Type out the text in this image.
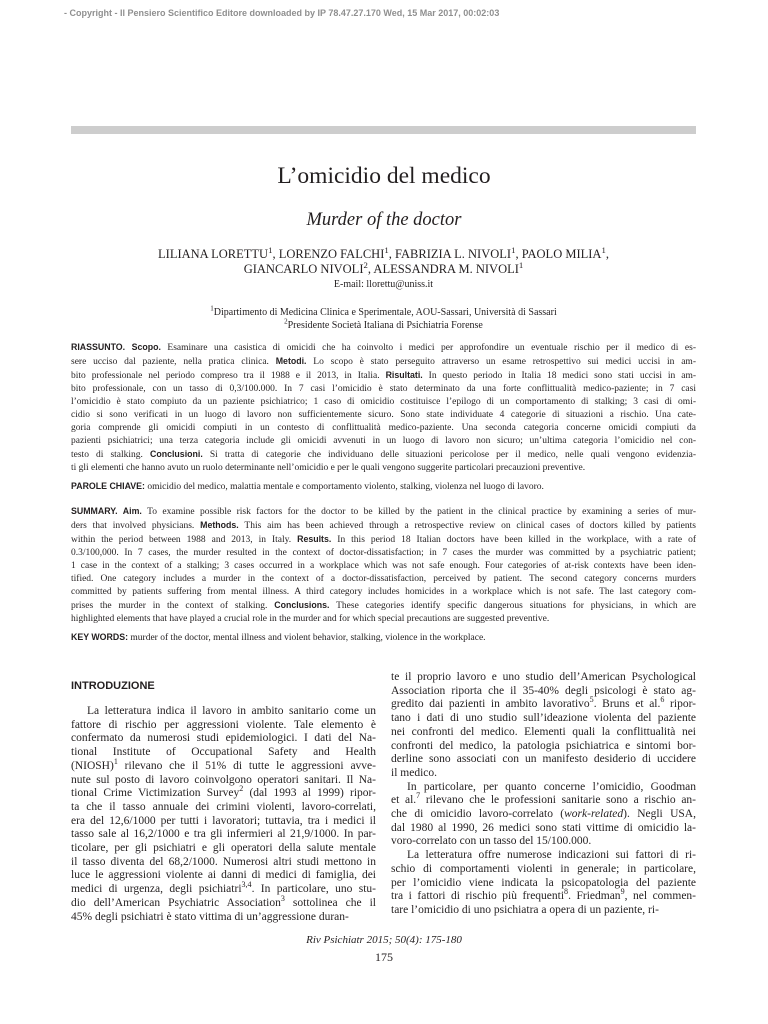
- Copyright - Il Pensiero Scientifico Editore downloaded by IP 78.47.27.170 Wed, 15 Mar 2017, 00:02:03
L’omicidio del medico
Murder of the doctor
LILIANA LORETTU$^1$, LORENZO FALCHI$^1$, FABRIZIA L. NIVOLI$^1$, PAOLO MILIA$^1$,
GIANCARLO NIVOLI$^2$, ALESSANDRA M. NIVOLI$^1$
E-mail: llorettu@uniss.it
$^1$Dipartimento di Medicina Clinica e Sperimentale, AOU-Sassari, Università di Sassari
$^2$Presidente Società Italiana di Psichiatria Forense
RIASSUNTO. Scopo. Esaminare una casistica di omicidi che ha coinvolto i medici per approfondire un eventuale rischio per il medico di es-
sere ucciso dal paziente, nella pratica clinica. Metodi. Lo scopo è stato perseguito attraverso un esame retrospettivo sui medici uccisi in am-
bito professionale nel periodo compreso tra il 1988 e il 2013, in Italia. Risultati. In questo periodo in Italia 18 medici sono stati uccisi in am-
bito professionale, con un tasso di 0,3/100.000. In 7 casi l’omicidio è stato determinato da una forte conflittualità medico-paziente; in 7 casi
l’omicidio è stato compiuto da un paziente psichiatrico; 1 caso di omicidio costituisce l’epilogo di un comportamento di stalking; 3 casi di omi-
cidio si sono verificati in un luogo di lavoro non sufficientemente sicuro. Sono state individuate 4 categorie di situazioni a rischio. Una cate-
goria comprende gli omicidi compiuti in un contesto di conflittualità medico-paziente. Una seconda categoria concerne omicidi compiuti da
pazienti psichiatrici; una terza categoria include gli omicidi avvenuti in un luogo di lavoro non sicuro; un’ultima categoria l’omicidio nel con-
testo di stalking. Conclusioni. Si tratta di categorie che individuano delle situazioni pericolose per il medico, nelle quali vengono evidenzia-
ti gli elementi che hanno avuto un ruolo determinante nell’omicidio e per le quali vengono suggerite particolari precauzioni preventive.
PAROLE CHIAVE: omicidio del medico, malattia mentale e comportamento violento, stalking, violenza nel luogo di lavoro.
SUMMARY. Aim. To examine possible risk factors for the doctor to be killed by the patient in the clinical practice by examining a series of mur-
ders that involved physicians. Methods. This aim has been achieved through a retrospective review on clinical cases of doctors killed by patients
within the period between 1988 and 2013, in Italy. Results. In this period 18 Italian doctors have been killed in the workplace, with a rate of
0.3/100,000. In 7 cases, the murder resulted in the context of doctor-dissatisfaction; in 7 cases the murder was committed by a psychiatric patient;
1 case in the context of a stalking; 3 cases occurred in a workplace which was not safe enough. Four categories of at-risk contexts have been iden-
tified. One category includes a murder in the context of a doctor-dissatisfaction, perceived by patient. The second category concerns murders
committed by patients suffering from mental illness. A third category includes homicides in a workplace which is not safe. The last category com-
prises the murder in the context of stalking. Conclusions. These categories identify specific dangerous situations for physicians, in which are
highlighted elements that have played a crucial role in the murder and for which special precautions are suggested preventive.
KEY WORDS: murder of the doctor, mental illness and violent behavior, stalking, violence in the workplace.
INTRODUZIONE
La letteratura indica il lavoro in ambito sanitario come un
fattore di rischio per aggressioni violente. Tale elemento è
confermato da numerosi studi epidemiologici. I dati del Na-
tional Institute of Occupational Safety and Health
(NIOSH)$^1$ rilevano che il 51% di tutte le aggressioni avve-
nute sul posto di lavoro coinvolgono operatori sanitari. Il Na-
tional Crime Victimization Survey$^2$ (dal 1993 al 1999) ripor-
ta che il tasso annuale dei crimini violenti, lavoro-correlati,
era del 12,6/1000 per tutti i lavoratori; tuttavia, tra i medici il
tasso sale al 16,2/1000 e tra gli infermieri al 21,9/1000. In par-
ticolare, per gli psichiatri e gli operatori della salute mentale
il tasso diventa del 68,2/1000. Numerosi altri studi mettono in
luce le aggressioni violente ai danni di medici di famiglia, dei
medici di urgenza, degli psichiatri$^{3,4}$. In particolare, uno stu-
dio dell’American Psychiatric Association$^3$ sottolinea che il
45% degli psichiatri è stato vittima di un’aggressione duran-
te il proprio lavoro e uno studio dell’American Psychological
Association riporta che il 35-40% degli psicologi è stato ag-
gredito dai pazienti in ambito lavorativo$^5$. Bruns et al.$^6$ ripor-
tano i dati di uno studio sull’ideazione violenta del paziente
nei confronti del medico. Elementi quali la conflittualità nei
confronti del medico, la patologia psichiatrica e sintomi bor-
derline sono associati con un manifesto desiderio di uccidere
il medico.
In particolare, per quanto concerne l’omicidio, Goodman
et al.$^7$ rilevano che le professioni sanitarie sono a rischio an-
che di omicidio lavoro-correlato (work-related). Negli USA,
dal 1980 al 1990, 26 medici sono stati vittime di omicidio la-
voro-correlato con un tasso del 15/100.000.
La letteratura offre numerose indicazioni sui fattori di ri-
schio di comportamenti violenti in generale; in particolare,
per l’omicidio viene indicata la psicopatologia del paziente
tra i fattori di rischio più frequenti$^8$. Friedman$^9$, nel commen-
tare l’omicidio di uno psichiatra a opera di un paziente, ri-
Riv Psichiatr 2015; 50(4): 175-180
175
